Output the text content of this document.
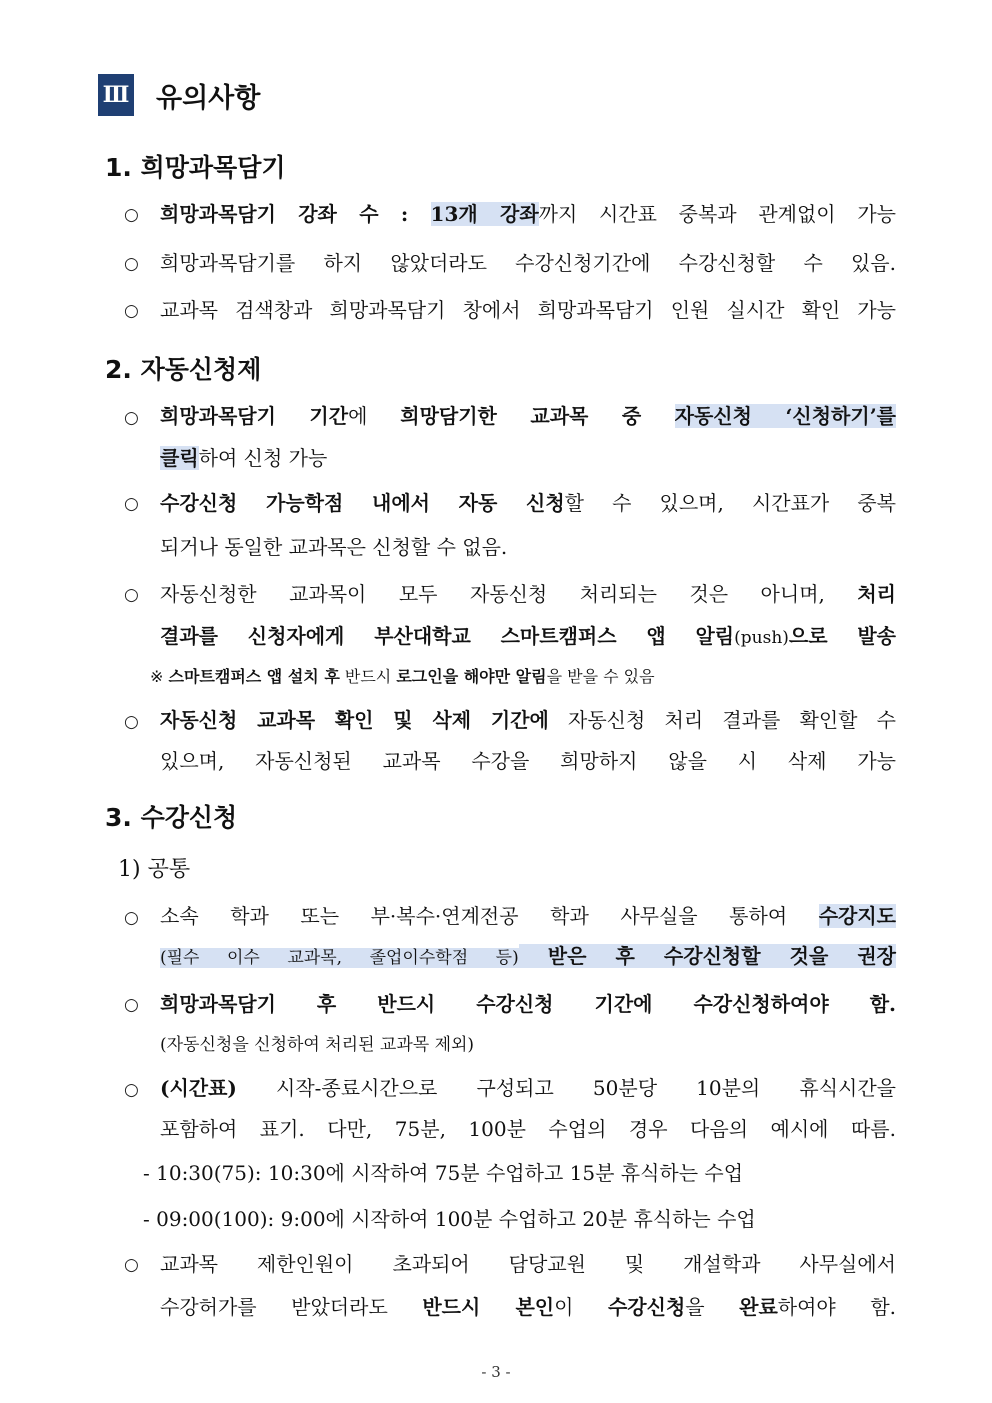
Ⅲ 유의사항
1. 희망과목담기
○ 희망과목담기 강좌 수 : 13개 강좌까지 시간표 중복과 관계없이 가능
○ 희망과목담기를 하지 않았더라도 수강신청기간에 수강신청할 수 있음.
○ 교과목 검색창과 희망과목담기 창에서 희망과목담기 인원 실시간 확인 가능
2. 자동신청제
○ 희망과목담기 기간에 희망담기한 교과목 중 자동신청 ‘신청하기’를
클릭하여 신청 가능
○ 수강신청 가능학점 내에서 자동 신청할 수 있으며, 시간표가 중복
되거나 동일한 교과목은 신청할 수 없음.
○ 자동신청한 교과목이 모두 자동신청 처리되는 것은 아니며, 처리
결과를 신청자에게 부산대학교 스마트캠퍼스 앱 알림(push)으로 발송
※ 스마트캠퍼스 앱 설치 후 반드시 로그인을 해야만 알림을 받을 수 있음
○ 자동신청 교과목 확인 및 삭제 기간에 자동신청 처리 결과를 확인할 수
있으며, 자동신청된 교과목 수강을 희망하지 않을 시 삭제 가능
3. 수강신청
1) 공통
○ 소속 학과 또는 부·복수·연계전공 학과 사무실을 통하여 수강지도
(필수 이수 교과목, 졸업이수학점 등) 받은 후 수강신청할 것을 권장
○ 희망과목담기 후 반드시 수강신청 기간에 수강신청하여야 함.
(자동신청을 신청하여 처리된 교과목 제외)
○ (시간표) 시작-종료시간으로 구성되고 50분당 10분의 휴식시간을
포함하여 표기. 다만, 75분, 100분 수업의 경우 다음의 예시에 따름.
- 10:30(75): 10:30에 시작하여 75분 수업하고 15분 휴식하는 수업
- 09:00(100): 9:00에 시작하여 100분 수업하고 20분 휴식하는 수업
○ 교과목 제한인원이 초과되어 담당교원 및 개설학과 사무실에서
수강허가를 받았더라도 반드시 본인이 수강신청을 완료하여야 함.
- 3 -
